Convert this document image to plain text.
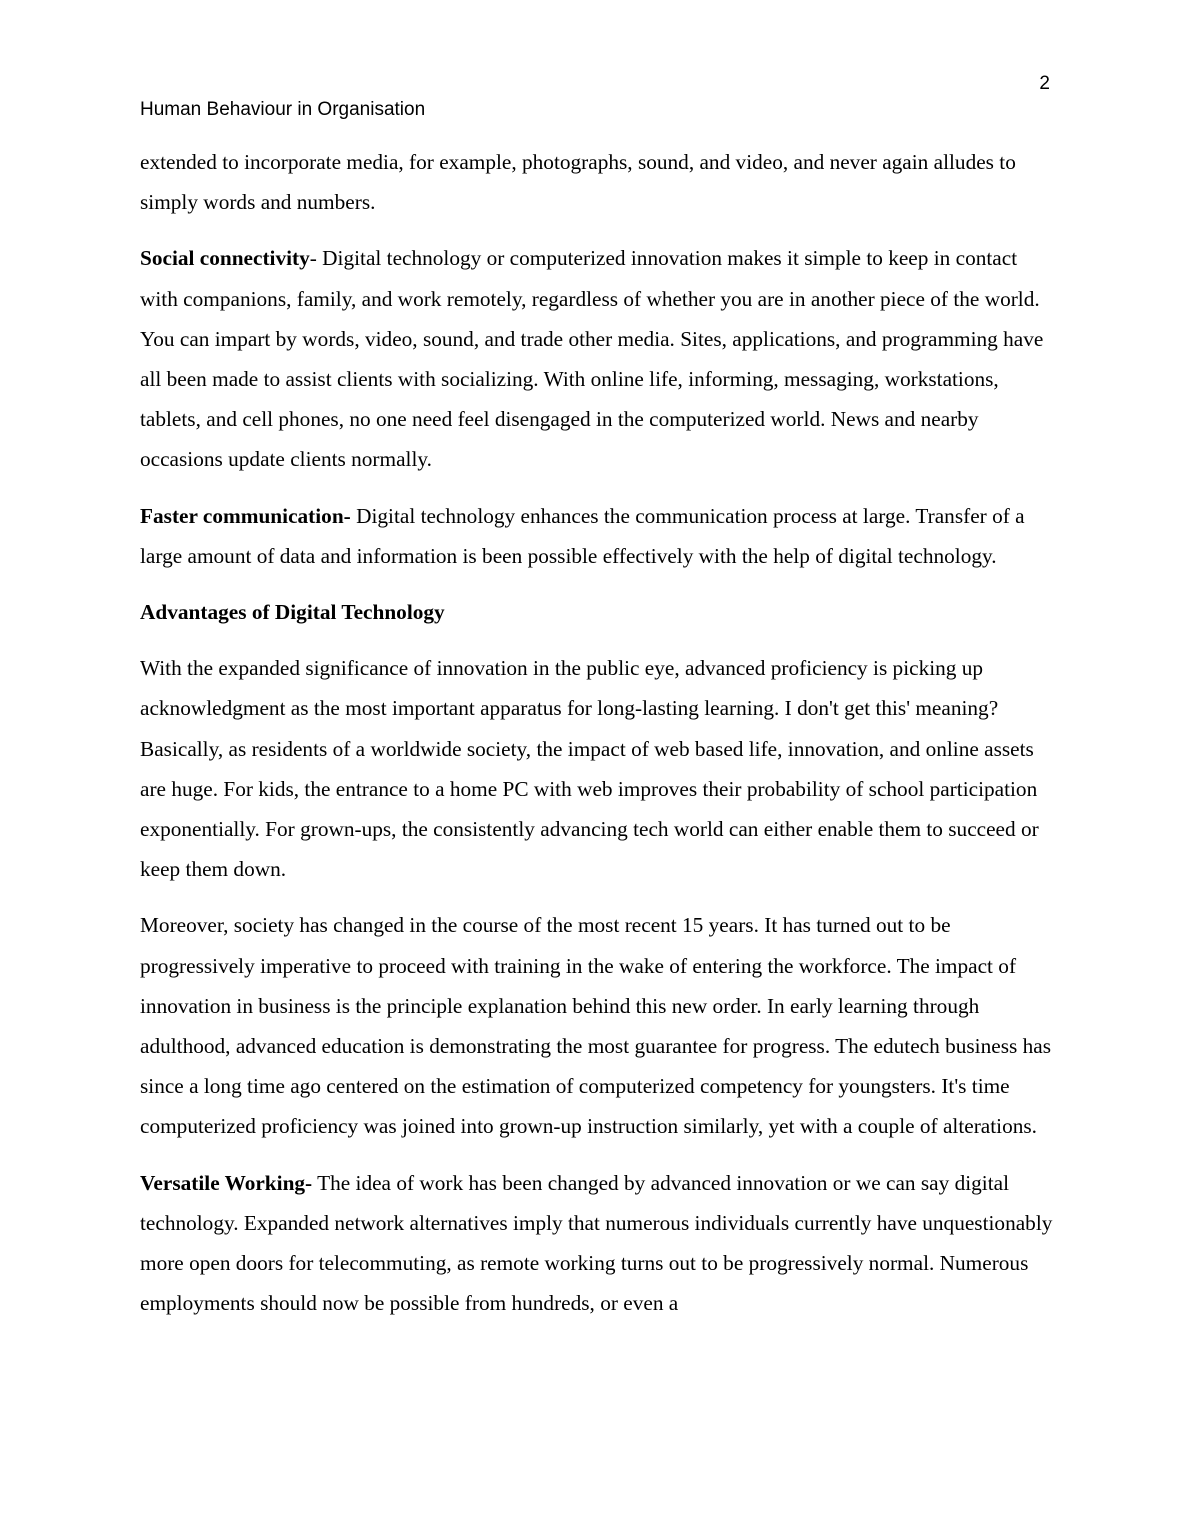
2
Human Behaviour in Organisation

extended to incorporate media, for example, photographs, sound, and video, and never again alludes to simply words and numbers.

Social connectivity- Digital technology or computerized innovation makes it simple to keep in contact with companions, family, and work remotely, regardless of whether you are in another piece of the world. You can impart by words, video, sound, and trade other media. Sites, applications, and programming have all been made to assist clients with socializing. With online life, informing, messaging, workstations, tablets, and cell phones, no one need feel disengaged in the computerized world. News and nearby occasions update clients normally.

Faster communication- Digital technology enhances the communication process at large. Transfer of a large amount of data and information is been possible effectively with the help of digital technology.

Advantages of Digital Technology

With the expanded significance of innovation in the public eye, advanced proficiency is picking up acknowledgment as the most important apparatus for long-lasting learning. I don't get this' meaning? Basically, as residents of a worldwide society, the impact of web based life, innovation, and online assets are huge. For kids, the entrance to a home PC with web improves their probability of school participation exponentially. For grown-ups, the consistently advancing tech world can either enable them to succeed or keep them down.

Moreover, society has changed in the course of the most recent 15 years. It has turned out to be progressively imperative to proceed with training in the wake of entering the workforce. The impact of innovation in business is the principle explanation behind this new order. In early learning through adulthood, advanced education is demonstrating the most guarantee for progress. The edutech business has since a long time ago centered on the estimation of computerized competency for youngsters. It's time computerized proficiency was joined into grown-up instruction similarly, yet with a couple of alterations.

Versatile Working- The idea of work has been changed by advanced innovation or we can say digital technology. Expanded network alternatives imply that numerous individuals currently have unquestionably more open doors for telecommuting, as remote working turns out to be progressively normal. Numerous employments should now be possible from hundreds, or even a
